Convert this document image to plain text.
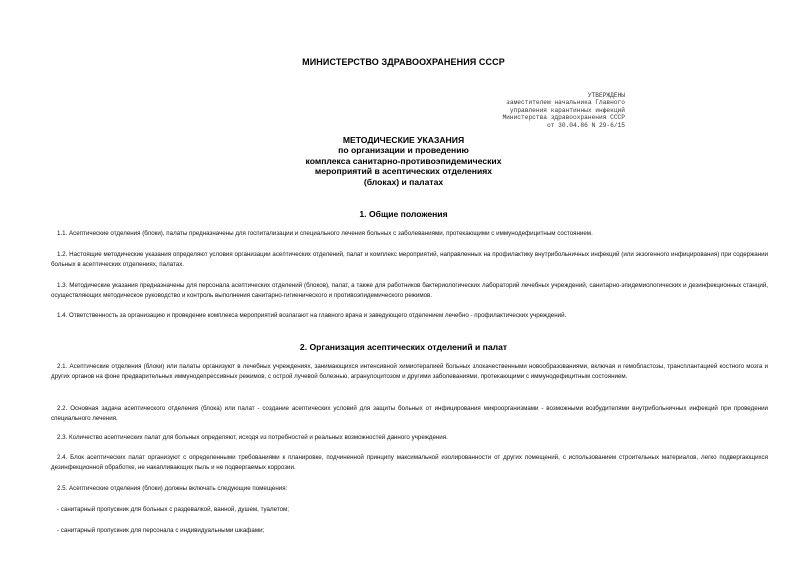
МИНИСТЕРСТВО ЗДРАВООХРАНЕНИЯ СССР
УТВЕРЖДЕНЫ
заместителем начальника Главного
управления карантинных инфекций
Министерства здравоохранения СССР
от 30.04.86 N 29-6/15
МЕТОДИЧЕСКИЕ УКАЗАНИЯ
по организации и проведению
комплекса санитарно-противоэпидемических
мероприятий в асептических отделениях
(блоках) и палатах
1. Общие положения
1.1. Асептические отделения (блоки), палаты предназначены для госпитализации и специального лечения больных с заболеваниями, протекающими с иммунодефицитным состоянием.
1.2. Настоящие методические указания определяют условия организации асептических отделений, палат и комплекс мероприятий, направленных на профилактику внутрибольничных инфекций (или экзогенного инфицирования) при содержании больных в асептических отделениях, палатах.
1.3. Методические указания предназначены для персонала асептических отделений (блоков), палат, а также для работников бактериологических лабораторий лечебных учреждений, санитарно-эпидемиологических и дезинфекционных станций, осуществляющих методическое руководство и контроль выполнения санитарно-гигиенического и противоэпидемического режимов.
1.4. Ответственность за организацию и проведение комплекса мероприятий возлагают на главного врача и заведующего отделением лечебно - профилактических учреждений.
2. Организация асептических отделений и палат
2.1. Асептические отделения (блоки) или палаты организуют в лечебных учреждениях, занимающихся интенсивной химиотерапией больных злокачественными новообразованиями, включая и гемобластозы, трансплантацией костного мозга и других органов на фоне предварительных иммунодепрессивных режимов, с острой лучевой болезнью, агранулоцитозом и другими заболеваниями, протекающими с иммунодефицитным состоянием.
2.2. Основная задача асептического отделения (блока) или палат - создание асептических условий для защиты больных от инфицирования микроорганизмами - возможными возбудителями внутрибольничных инфекций при проведении специального лечения.
2.3. Количество асептических палат для больных определяют, исходя из потребностей и реальных возможностей данного учреждения.
2.4. Блок асептических палат организуют с определенными требованиями к планировке, подчиненной принципу максимальной изолированности от других помещений, с использованием строительных материалов, легко подвергающихся дезинфекционной обработке, не накапливающих пыль и не подвергаемых коррозии.
2.5. Асептические отделения (блоки) должны включать следующие помещения:
- санитарный пропускник для больных с раздевалкой, ванной, душем, туалетом;
- санитарный пропускник для персонала с индивидуальными шкафами;
